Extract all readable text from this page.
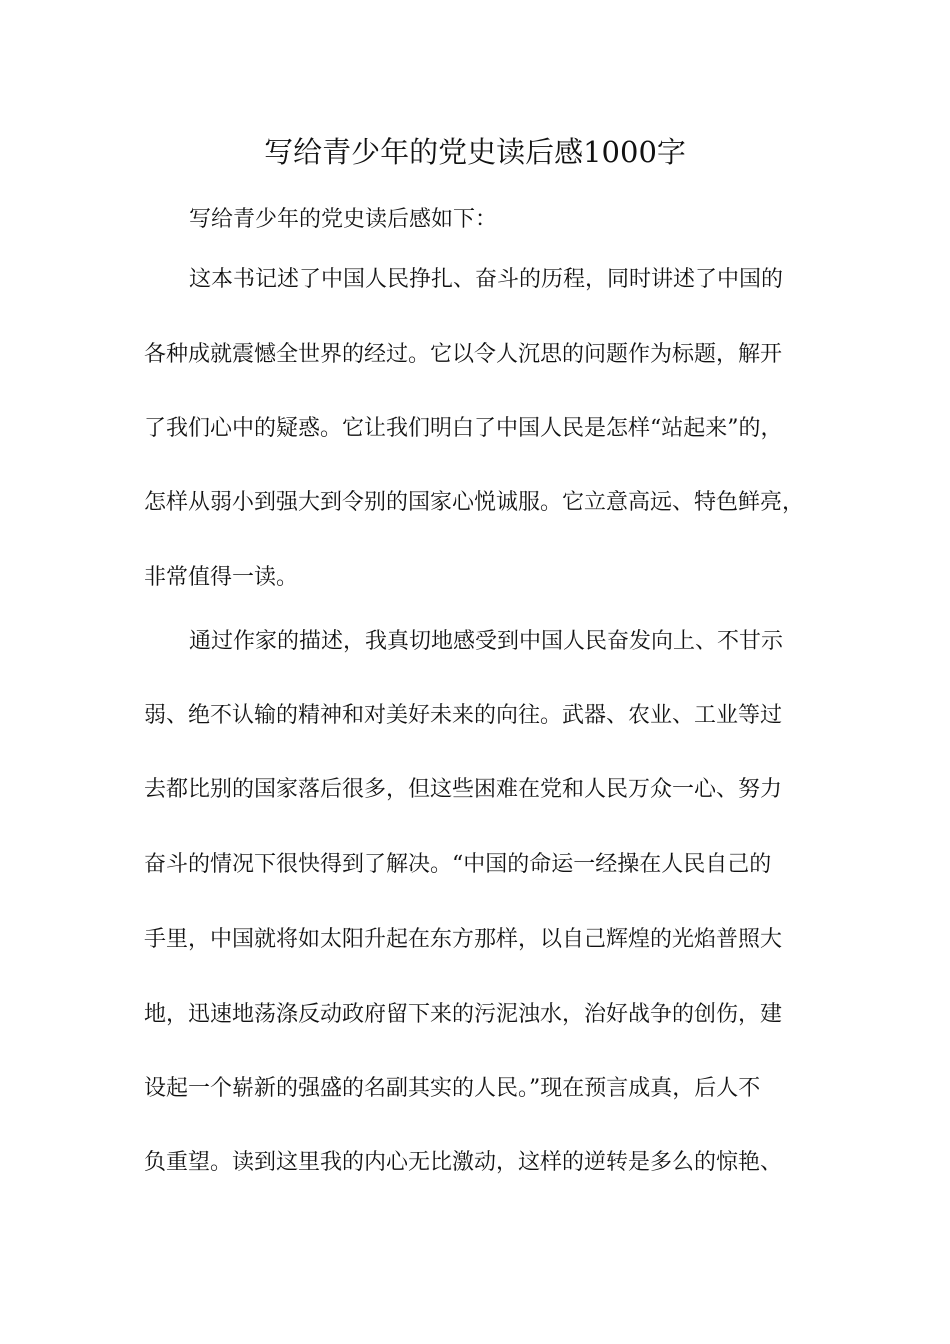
写给青少年的党史读后感1000字
写给青少年的党史读后感如下：
这本书记述了中国人民挣扎、奋斗的历程，同时讲述了中国的
各种成就震憾全世界的经过。它以令人沉思的问题作为标题，解开
了我们心中的疑惑。它让我们明白了中国人民是怎样“站起来”的，
怎样从弱小到强大到令别的国家心悦诚服。它立意高远、特色鲜亮，
非常值得一读。
通过作家的描述，我真切地感受到中国人民奋发向上、不甘示
弱、绝不认输的精神和对美好未来的向往。武器、农业、工业等过
去都比别的国家落后很多，但这些困难在党和人民万众一心、努力
奋斗的情况下很快得到了解决。“中国的命运一经操在人民自己的
手里，中国就将如太阳升起在东方那样，以自己辉煌的光焰普照大
地，迅速地荡涤反动政府留下来的污泥浊水，治好战争的创伤，建
设起一个崭新的强盛的名副其实的人民。”现在预言成真，后人不
负重望。读到这里我的内心无比激动，这样的逆转是多么的惊艳、
